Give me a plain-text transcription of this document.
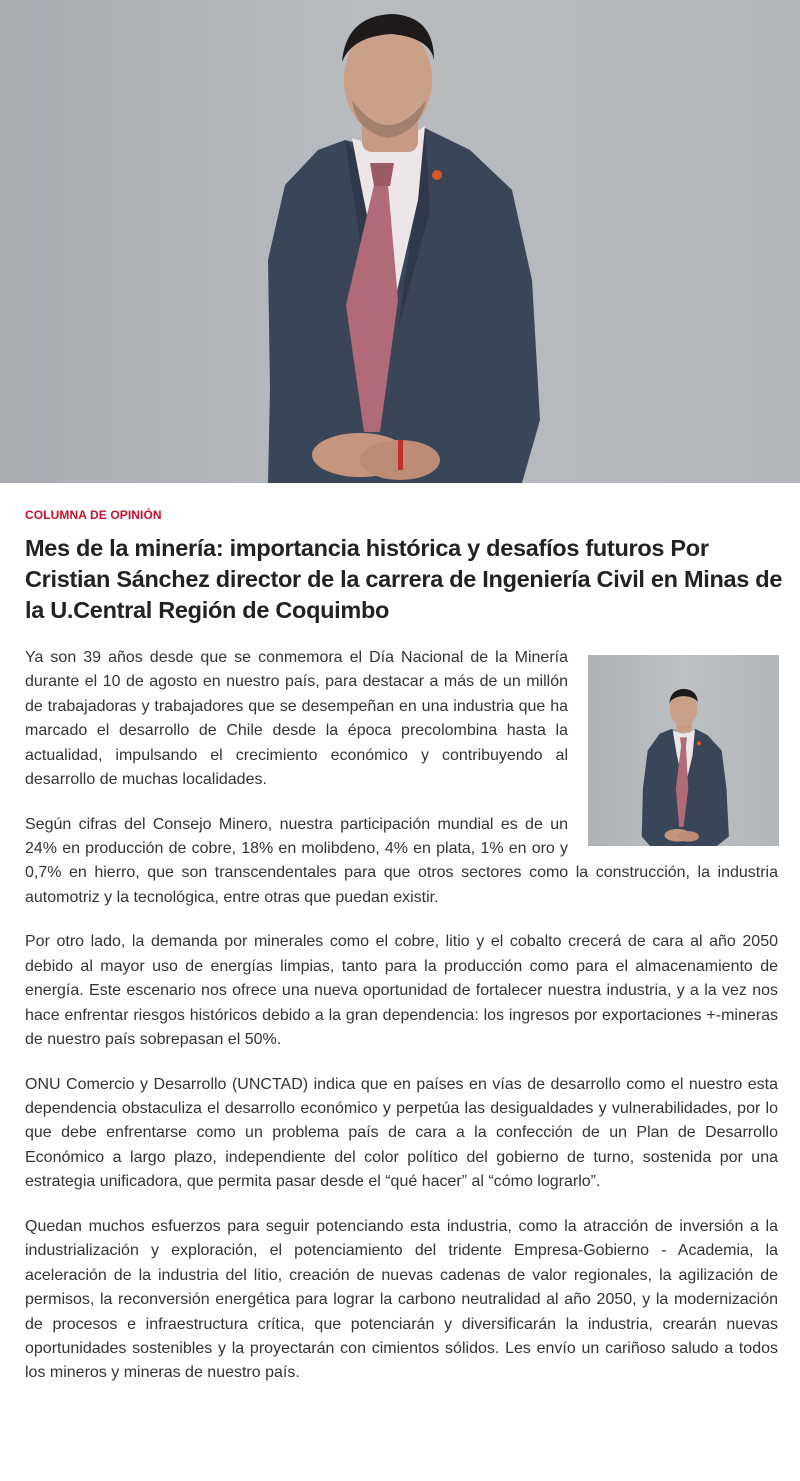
COLUMNA DE OPINIÓN
Mes de la minería: importancia histórica y desafíos futuros Por Cristian Sánchez director de la carrera de Ingeniería Civil en Minas de la U.Central Región de Coquimbo

Ya son 39 años desde que se conmemora el Día Nacional de la Minería durante el 10 de agosto en nuestro país, para destacar a más de un millón de trabajadoras y trabajadores que se desempeñan en una industria que ha marcado el desarrollo de Chile desde la época precolombina hasta la actualidad, impulsando el crecimiento económico y contribuyendo al desarrollo de muchas localidades.

Según cifras del Consejo Minero, nuestra participación mundial es de un 24% en producción de cobre, 18% en molibdeno, 4% en plata, 1% en oro y 0,7% en hierro, que son transcendentales para que otros sectores como la construcción, la industria automotriz y la tecnológica, entre otras que puedan existir.

Por otro lado, la demanda por minerales como el cobre, litio y el cobalto crecerá de cara al año 2050 debido al mayor uso de energías limpias, tanto para la producción como para el almacenamiento de energía. Este escenario nos ofrece una nueva oportunidad de fortalecer nuestra industria, y a la vez nos hace enfrentar riesgos históricos debido a la gran dependencia: los ingresos por exportaciones +-mineras de nuestro país sobrepasan el 50%.

ONU Comercio y Desarrollo (UNCTAD) indica que en países en vías de desarrollo como el nuestro esta dependencia obstaculiza el desarrollo económico y perpetúa las desigualdades y vulnerabilidades, por lo que debe enfrentarse como un problema país de cara a la confección de un Plan de Desarrollo Económico a largo plazo, independiente del color político del gobierno de turno, sostenida por una estrategia unificadora, que permita pasar desde el “qué hacer” al “cómo lograrlo”.

Quedan muchos esfuerzos para seguir potenciando esta industria, como la atracción de inversión a la industrialización y exploración, el potenciamiento del tridente Empresa-Gobierno - Academia, la aceleración de la industria del litio, creación de nuevas cadenas de valor regionales, la agilización de permisos, la reconversión energética para lograr la carbono neutralidad al año 2050, y la modernización de procesos e infraestructura crítica, que potenciarán y diversificarán la industria, crearán nuevas oportunidades sostenibles y la proyectarán con cimientos sólidos. Les envío un cariñoso saludo a todos los mineros y mineras de nuestro país.
